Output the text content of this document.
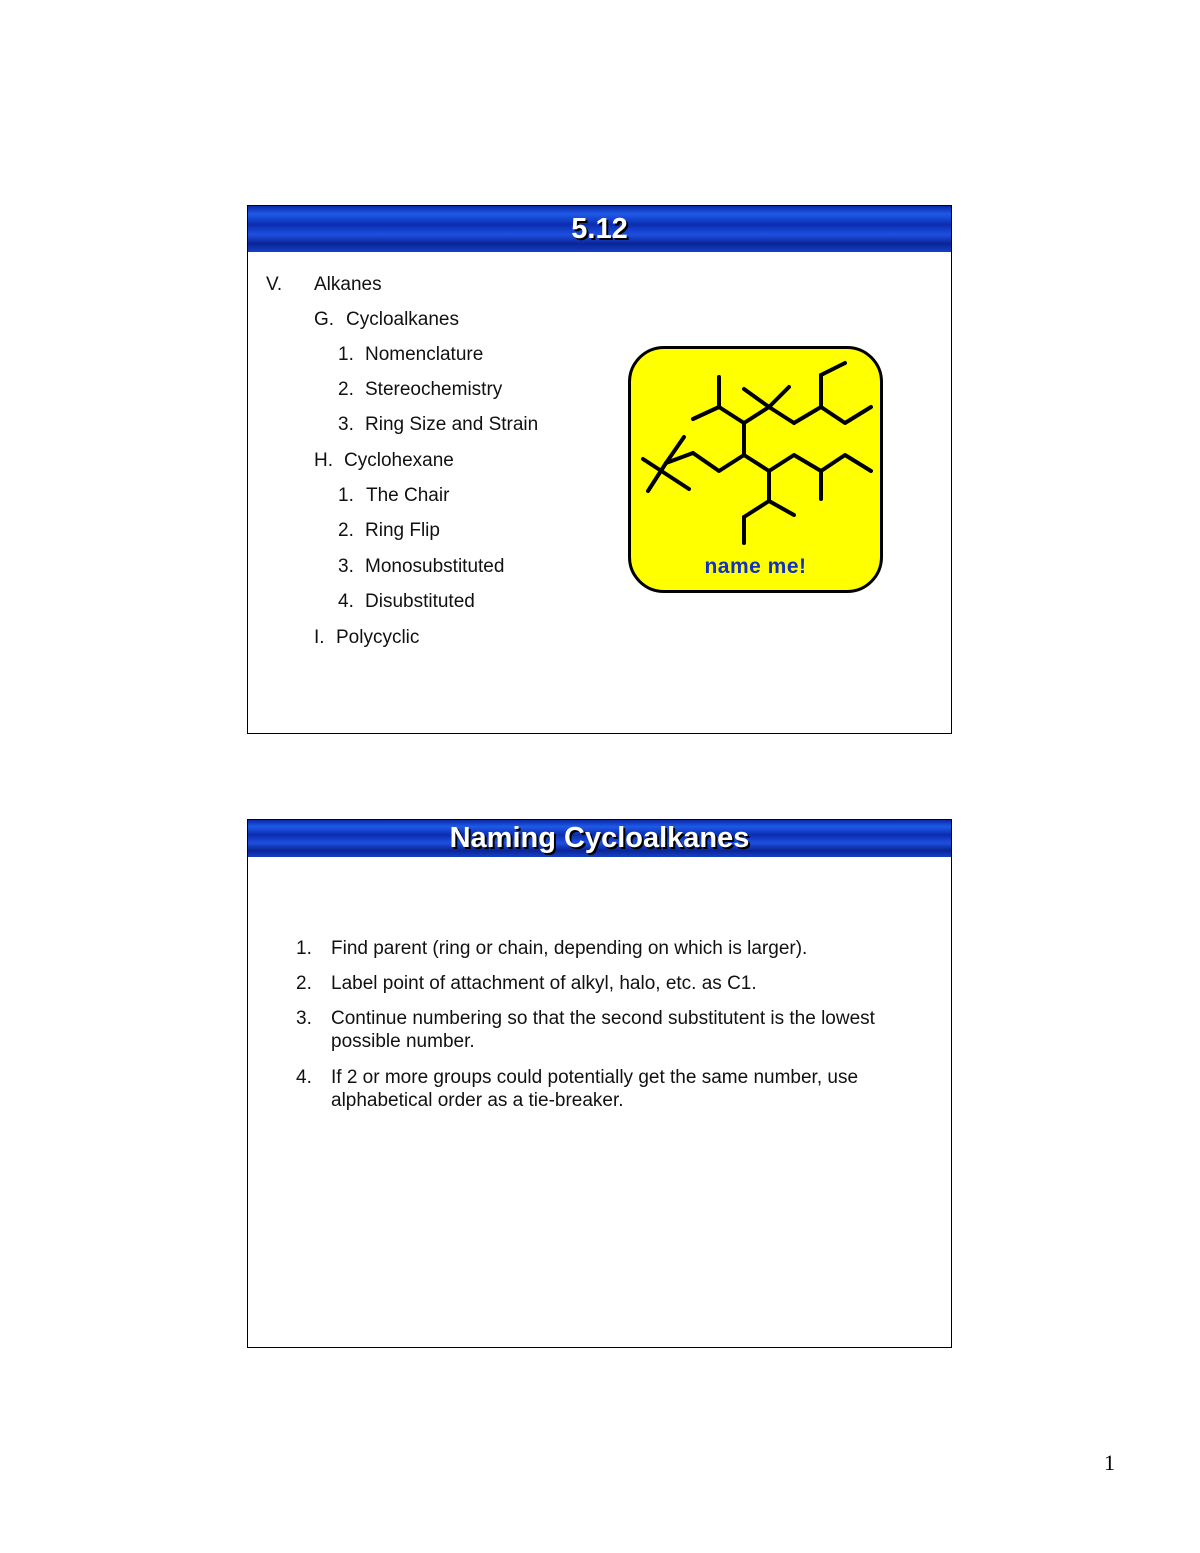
5.12
V. Alkanes
G. Cycloalkanes
1. Nomenclature
2. Stereochemistry
3. Ring Size and Strain
H. Cyclohexane
1. The Chair
2. Ring Flip
3. Monosubstituted
4. Disubstituted
I. Polycyclic
name me!
Naming Cycloalkanes
1. Find parent (ring or chain, depending on which is larger).
2. Label point of attachment of alkyl, halo, etc. as C1.
3. Continue numbering so that the second substitutent is the lowest possible number.
4. If 2 or more groups could potentially get the same number, use alphabetical order as a tie-breaker.
1
